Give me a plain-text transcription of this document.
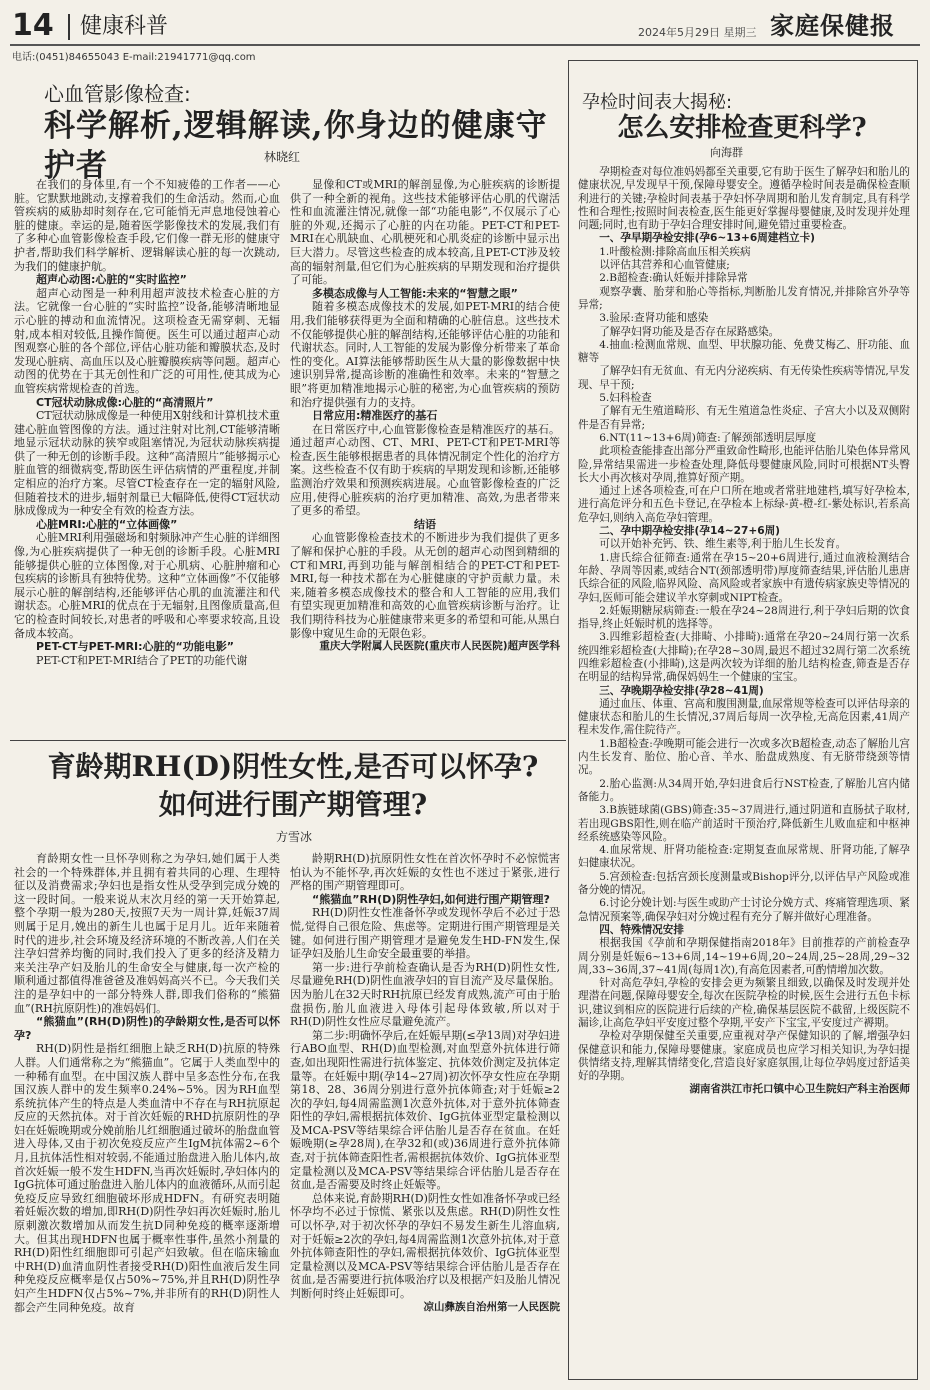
14 健康科普	2024年5月29日 星期三 家庭保健报
电话:(0451)84655043 E-mail:21941771@qq.com
心血管影像检查:
科学解析,逻辑解读,你身边的健康守护者	林晓红

在我们的身体里,有一个不知疲倦的工作者——心脏。它默默地跳动,支撑着我们的生命活动。然而,心血管疾病的威胁却时刻存在,它可能悄无声息地侵蚀着心脏的健康。幸运的是,随着医学影像技术的发展,我们有了多种心血管影像检查手段,它们像一群无形的健康守护者,帮助我们科学解析、逻辑解读心脏的每一次跳动,为我们的健康护航。

超声心动图:心脏的“实时监控”

超声心动图是一种利用超声波技术检查心脏的方法。它就像一台心脏的“实时监控”设备,能够清晰地显示心脏的搏动和血流情况。这项检查无需穿刺、无辐射,成本相对较低,且操作简便。医生可以通过超声心动图观察心脏的各个部位,评估心脏功能和瓣膜状态,及时发现心脏病、高血压以及心脏瓣膜疾病等问题。超声心动图的优势在于其无创性和广泛的可用性,使其成为心血管疾病常规检查的首选。

CT冠状动脉成像:心脏的“高清照片”

CT冠状动脉成像是一种使用X射线和计算机技术重建心脏血管图像的方法。通过注射对比剂,CT能够清晰地显示冠状动脉的狭窄或阻塞情况,为冠状动脉疾病提供了一种无创的诊断手段。这种“高清照片”能够揭示心脏血管的细微病变,帮助医生评估病情的严重程度,并制定相应的治疗方案。尽管CT检查存在一定的辐射风险,但随着技术的进步,辐射剂量已大幅降低,使得CT冠状动脉成像成为一种安全有效的检查方法。

心脏MRI:心脏的“立体画像”

心脏MRI利用强磁场和射频脉冲产生心脏的详细图像,为心脏疾病提供了一种无创的诊断手段。心脏MRI能够提供心脏的立体图像,对于心肌病、心脏肿瘤和心包疾病的诊断具有独特优势。这种“立体画像”不仅能够展示心脏的解剖结构,还能够评估心肌的血流灌注和代谢状态。心脏MRI的优点在于无辐射,且图像质量高,但它的检查时间较长,对患者的呼吸和心率要求较高,且设备成本较高。

PET-CT与PET-MRI:心脏的“功能电影”

PET-CT和PET-MRI结合了PET的功能代谢

显像和CT或MRI的解剖显像,为心脏疾病的诊断提供了一种全新的视角。这些技术能够评估心肌的代谢活性和血流灌注情况,就像一部“功能电影”,不仅展示了心脏的外观,还揭示了心脏的内在功能。PET-CT和PET-MRI在心肌缺血、心肌梗死和心肌炎症的诊断中显示出巨大潜力。尽管这些检查的成本较高,且PET-CT涉及较高的辐射剂量,但它们为心脏疾病的早期发现和治疗提供了可能。

多模态成像与人工智能:未来的“智慧之眼”

随着多模态成像技术的发展,如PET-MRI的结合使用,我们能够获得更为全面和精确的心脏信息。这些技术不仅能够提供心脏的解剖结构,还能够评估心脏的功能和代谢状态。同时,人工智能的发展为影像分析带来了革命性的变化。AI算法能够帮助医生从大量的影像数据中快速识别异常,提高诊断的准确性和效率。未来的“智慧之眼”将更加精准地揭示心脏的秘密,为心血管疾病的预防和治疗提供强有力的支持。

日常应用:精准医疗的基石

在日常医疗中,心血管影像检查是精准医疗的基石。通过超声心动图、CT、MRI、PET-CT和PET-MRI等检查,医生能够根据患者的具体情况制定个性化的治疗方案。这些检查不仅有助于疾病的早期发现和诊断,还能够监测治疗效果和预测疾病进展。心血管影像检查的广泛应用,使得心脏疾病的治疗更加精准、高效,为患者带来了更多的希望。

结语

心血管影像检查技术的不断进步为我们提供了更多了解和保护心脏的手段。从无创的超声心动图到精细的CT和MRI,再到功能与解剖相结合的PET-CT和PET-MRI,每一种技术都在为心脏健康的守护贡献力量。未来,随着多模态成像技术的整合和人工智能的应用,我们有望实现更加精准和高效的心血管疾病诊断与治疗。让我们期待科技为心脏健康带来更多的希望和可能,从黑白影像中窥见生命的无限色彩。

重庆大学附属人民医院(重庆市人民医院)超声医学科

育龄期RH(D)阴性女性,是否可以怀孕?
如何进行围产期管理?
方雪冰

育龄期女性一旦怀孕则称之为孕妇,她们属于人类社会的一个特殊群体,并且拥有着共同的心理、生理特征以及消费需求;孕妇也是指女性从受孕到完成分娩的这一段时间。一般来说从末次月经的第一天开始算起,整个孕期一般为280天,按照7天为一周计算,妊娠37周则属于足月,娩出的新生儿也属于足月儿。近年来随着时代的进步,社会环境及经济环境的不断改善,人们在关注孕妇营养均衡的同时,我们投入了更多的经济及精力来关注孕产妇及胎儿的生命安全与健康,每一次产检的顺利通过都值得准爸爸及准妈妈高兴不已。今天我们关注的是孕妇中的一部分特殊人群,即我们俗称的“熊猫血”(RH抗原阴性)的准妈妈们。

“熊猫血”(RH(D)阴性)的孕龄期女性,是否可以怀孕?

RH(D)阴性是指红细胞上缺乏RH(D)抗原的特殊人群。人们通常称之为“熊猫血”。它属于人类血型中的一种稀有血型。在中国汉族人群中呈多态性分布,在我国汉族人群中的发生频率0.24%~5%。因为RH血型系统抗体产生的特点是人类血清中不存在与RH抗原起反应的天然抗体。对于首次妊娠的RHD抗原阴性的孕妇在妊娠晚期或分娩前胎儿红细胞通过破坏的胎盘血管进入母体,又由于初次免疫反应产生IgM抗体需2~6个月,且抗体活性相对较弱,不能通过胎盘进入胎儿体内,故首次妊娠一般不发生HDFN,当再次妊娠时,孕妇体内的IgG抗体可通过胎盘进入胎儿体内的血液循环,从而引起免疫反应导致红细胞破坏形成HDFN。有研究表明随着妊娠次数的增加,即RH(D)阴性孕妇再次妊娠时,胎儿原刺激次数增加从而发生抗D同种免疫的概率逐渐增大。但其出现HDFN也属于概率性事件,虽然小剂量的RH(D)阳性红细胞即可引起产妇致敏。但在临床输血中RH(D)血清血阴性者接受RH(D)阳性血液后发生同种免疫反应概率是仅占50%~75%,并且RH(D)阴性孕妇产生HDFN仅占5%~7%,并非所有的RH(D)阴性人都会产生同种免疫。故育

龄期RH(D)抗原阴性女性在首次怀孕时不必惊慌害怕认为不能怀孕,再次妊娠的女性也不迷过于紧张,进行严格的围产期管理即可。

“熊猫血”RH(D)阴性孕妇,如何进行围产期管理?

RH(D)阴性女性准备怀孕或发现怀孕后不必过于恐慌,觉得自己很危险、焦虑等。定期进行围产期管理是关键。如何进行围产期管理才是避免发生HD-FN发生,保证孕妇及胎儿生命安全最重要的举措。

第一步:进行孕前检查确认是否为RH(D)阴性女性,尽量避免RH(D)阴性血液孕妇的盲目流产及尽量保胎。因为胎儿在32天时RH抗原已经发育成熟,流产可由于胎盘损伤,胎儿血液进入母体引起母体致敏,所以对于RH(D)阴性女性应尽量避免流产。

第二步:明确怀孕后,在妊娠早期(≤孕13周)对孕妇进行ABO血型、RH(D)血型检测,对血型意外抗体进行筛查,如出现阳性需进行抗体鉴定、抗体效价测定及抗体定量等。在妊娠中期(孕14~27周)初次怀孕女性应在孕期第18、28、36周分别进行意外抗体筛查;对于妊娠≥2次的孕妇,每4周需监测1次意外抗体,对于意外抗体筛查阳性的孕妇,需根据抗体效价、IgG抗体亚型定量检测以及MCA-PSV等结果综合评估胎儿是否存在贫血。在妊娠晚期(≥孕28周),在孕32和(或)36周进行意外抗体筛查,对于抗体筛查阳性者,需根据抗体效价、IgG抗体亚型定量检测以及MCA-PSV等结果综合评估胎儿是否存在贫血,是否需要及时终止妊娠等。

总体来说,育龄期RH(D)阴性女性如准备怀孕或已经怀孕均不必过于惊慌、紧张以及焦虑。RH(D)阴性女性可以怀孕,对于初次怀孕的孕妇不易发生新生儿溶血病,对于妊娠≥2次的孕妇,每4周需监测1次意外抗体,对于意外抗体筛查阳性的孕妇,需根据抗体效价、IgG抗体亚型定量检测以及MCA-PSV等结果综合评估胎儿是否存在贫血,是否需要进行抗体吸治疗以及根据产妇及胎儿情况判断何时终止妊娠即可。

凉山彝族自治州第一人民医院

孕检时间表大揭秘:
怎么安排检查更科学?
向海群

孕期检查对每位准妈妈都至关重要,它有助于医生了解孕妇和胎儿的健康状况,早发现早干预,保障母婴安全。遵循孕检时间表是确保检查顺利进行的关键;孕检时间表基于孕妇怀孕周期和胎儿发育制定,具有科学性和合理性;按照时间表检查,医生能更好掌握母婴健康,及时发现并处理问题;同时,也有助于孕妇合理安排时间,避免错过重要检查。

一、孕早期孕检安排(孕6~13+6周建档立卡)

1.叶酸检测:排除高血压相关疾病

以评估其营养和心血管健康;

2.B超检查:确认妊娠并排除异常

观察孕囊、胎芽和胎心等指标,判断胎儿发育情况,并排除宫外孕等异常;

3.验尿:查肾功能和感染

了解孕妇肾功能及是否存在尿路感染。

4.抽血:检测血常规、血型、甲状腺功能、免费艾梅乙、肝功能、血糖等

了解孕妇有无贫血、有无内分泌疾病、有无传染性疾病等情况,早发现、早干预;

5.妇科检查

了解有无生殖道畸形、有无生殖道急性炎症、子宫大小以及双侧附件是否有异常;

6.NT(11~13+6周)筛查:了解颈部透明层厚度

此项检查能排查出部分严重致命性畸形,也能评估胎儿染色体异常风险,异常结果需进一步检查处理,降低母婴健康风险,同时可根据NT头臀长大小再次核对孕周,推算好预产期。

通过上述各项检查,可在户口所在地或者常驻地建档,填写好孕检本,进行高危评分和五色卡登记,在孕检本上标绿-黄-橙-红-紫处标识,若系高危孕妇,则纳入高危孕妇管理。

二、孕中期孕检安排(孕14~27+6周)

可以开始补充钙、铁、维生素等,利于胎儿生长发育。

1.唐氏综合征筛查:通常在孕15~20+6周进行,通过血液检测结合年龄、孕周等因素,或结合NT(颈部透明带)厚度筛查结果,评估胎儿患唐氏综合征的风险,临界风险、高风险或者家族中有遗传病家族史等情况的孕妇,医师可能会建议羊水穿刺或NIPT检查。

2.妊娠期糖尿病筛查:一般在孕24~28周进行,利于孕妇后期的饮食指导,终止妊娠时机的选择等。

3.四维彩超检查(大排畸、小排畸):通常在孕20~24周行第一次系统四维彩超检查(大排畸);在孕28~30周,最迟不超过32周行第二次系统四维彩超检查(小排畸),这是两次较为详细的胎儿结构检查,筛查是否存在明显的结构异常,确保妈妈生一个健康的宝宝。

三、孕晚期孕检安排(孕28~41周)

通过血压、体重、宫高和腹围测量,血尿常规等检查可以评估母亲的健康状态和胎儿的生长情况,37周后每周一次孕检,无高危因素,41周产程未发作,需住院待产。

1.B超检查:孕晚期可能会进行一次或多次B超检查,动态了解胎儿宫内生长发育、胎位、胎心音、羊水、胎盘成熟度、有无脐带绕颈等情况。

2.胎心监测:从34周开始,孕妇进食后行NST检查,了解胎儿宫内储备能力。

3.B族链球菌(GBS)筛查:35~37周进行,通过阴道和直肠拭子取材,若出现GBS阳性,则在临产前适时干预治疗,降低新生儿败血症和中枢神经系统感染等风险。

4.血尿常规、肝肾功能检查:定期复查血尿常规、肝肾功能,了解孕妇健康状况。

5.宫颈检查:包括宫颈长度测量或Bishop评分,以评估早产风险或准备分娩的情况。

6.讨论分娩计划:与医生或助产士讨论分娩方式、疼痛管理选项、紧急情况预案等,确保孕妇对分娩过程有充分了解并做好心理准备。

四、特殊情况安排

根据我国《孕前和孕期保健指南2018年》目前推荐的产前检查孕周分别是妊娠6~13+6周,14~19+6周,20~24周,25~28周,29~32周,33~36周,37~41周(每周1次),有高危因素者,可酌情增加次数。

针对高危孕妇,孕检的安排会更为频繁且细致,以确保及时发现并处理潜在问题,保障母婴安全,每次在医院孕检的时候,医生会进行五色卡标识,建议到相应的医院进行后续的产检,确保基层医院不截留,上级医院不漏诊,让高危孕妇平安度过整个孕期,平安产下宝宝,平安度过产褥期。

孕检对孕期保健至关重要,应重视对孕产保健知识的了解,增强孕妇保健意识和能力,保障母婴健康。家庭成员也应学习相关知识,为孕妇提供情绪支持,理解其情绪变化,营造良好家庭氛围,让每位孕妈度过舒适美好的孕期。

湖南省洪江市托口镇中心卫生院妇产科主治医师
